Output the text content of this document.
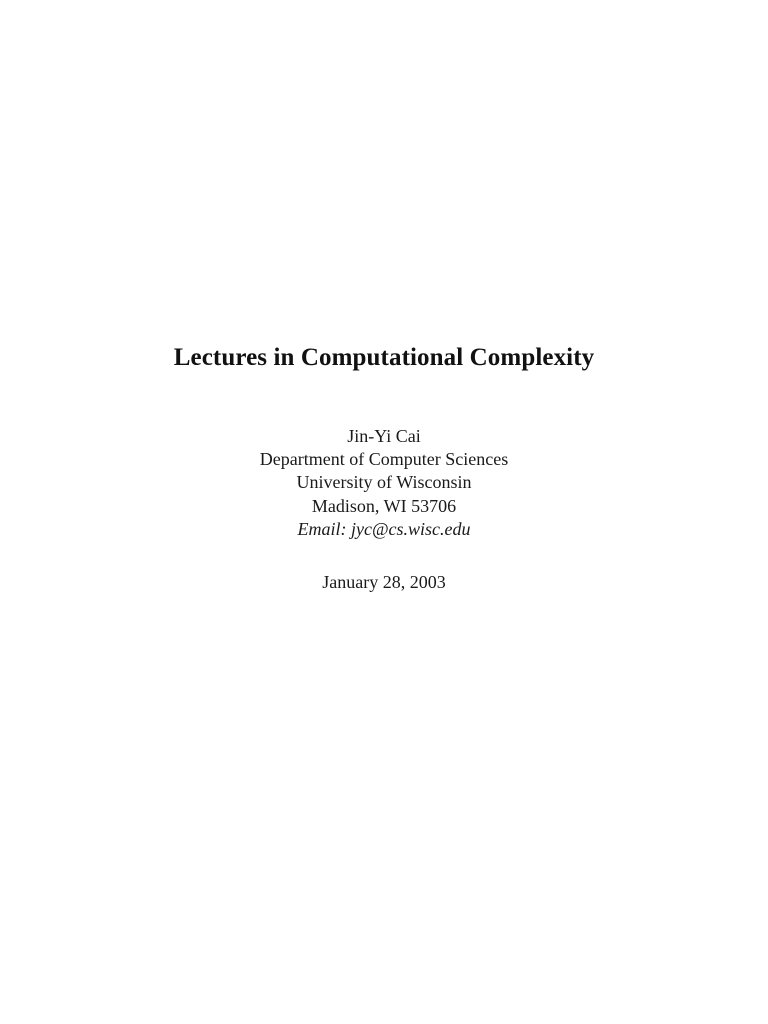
Lectures in Computational Complexity
Jin-Yi Cai
Department of Computer Sciences
University of Wisconsin
Madison, WI 53706
Email: jyc@cs.wisc.edu
January 28, 2003
